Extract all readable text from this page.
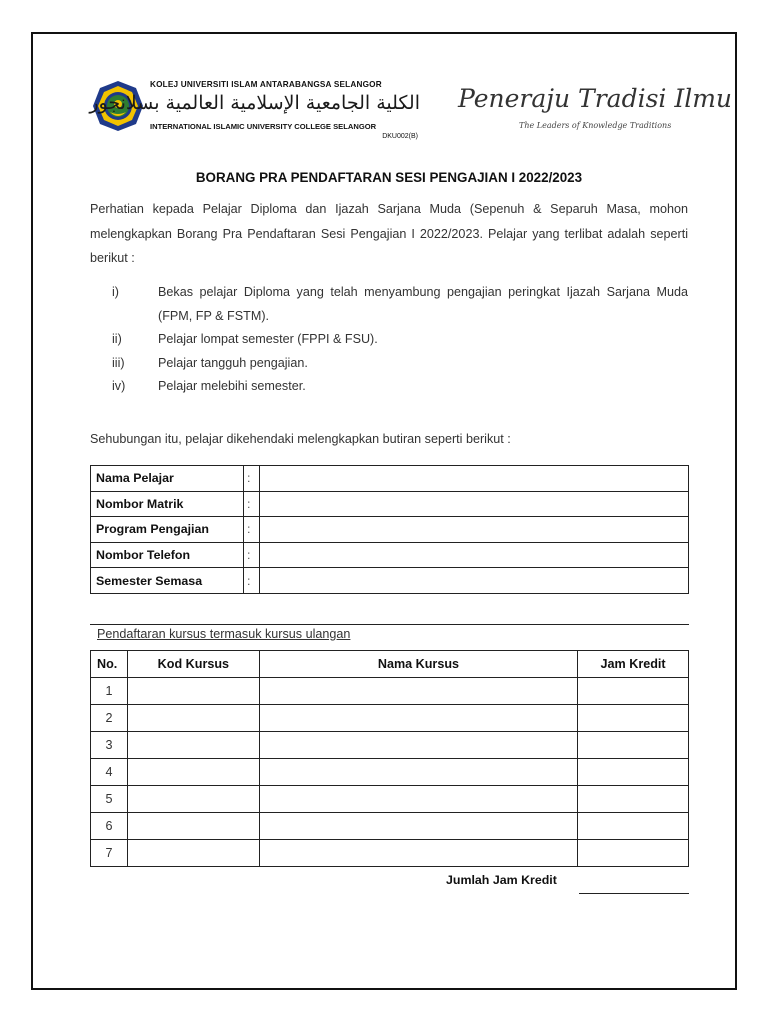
KOLEJ UNIVERSITI ISLAM ANTARABANGSA SELANGOR
الكلية الجامعية الإسلامية العالمية بسلانجور
INTERNATIONAL ISLAMIC UNIVERSITY COLLEGE SELANGOR
DKU002(B)
Peneraju Tradisi Ilmu
The Leaders of Knowledge Traditions
BORANG PRA PENDAFTARAN SESI PENGAJIAN I 2022/2023

Perhatian kepada Pelajar Diploma dan Ijazah Sarjana Muda (Sepenuh & Separuh Masa, mohon melengkapkan Borang Pra Pendaftaran Sesi Pengajian I 2022/2023. Pelajar yang terlibat adalah seperti berikut :

i)	Bekas pelajar Diploma yang telah menyambung pengajian peringkat Ijazah Sarjana Muda (FPM, FP & FSTM).
ii)	Pelajar lompat semester (FPPI & FSU).
iii)	Pelajar tangguh pengajian.
iv)	Pelajar melebihi semester.
Sehubungan itu, pelajar dikehendaki melengkapkan butiran seperti berikut :
Nama Pelajar	:	
Nombor Matrik	:	
Program Pengajian	:	
Nombor Telefon	:	
Semester Semasa	:	
Pendaftaran kursus termasuk kursus ulangan
No.	Kod Kursus	Nama Kursus	Jam Kredit
1			
2			
3			
4			
5			
6			
7			
Jumlah Jam Kredit
